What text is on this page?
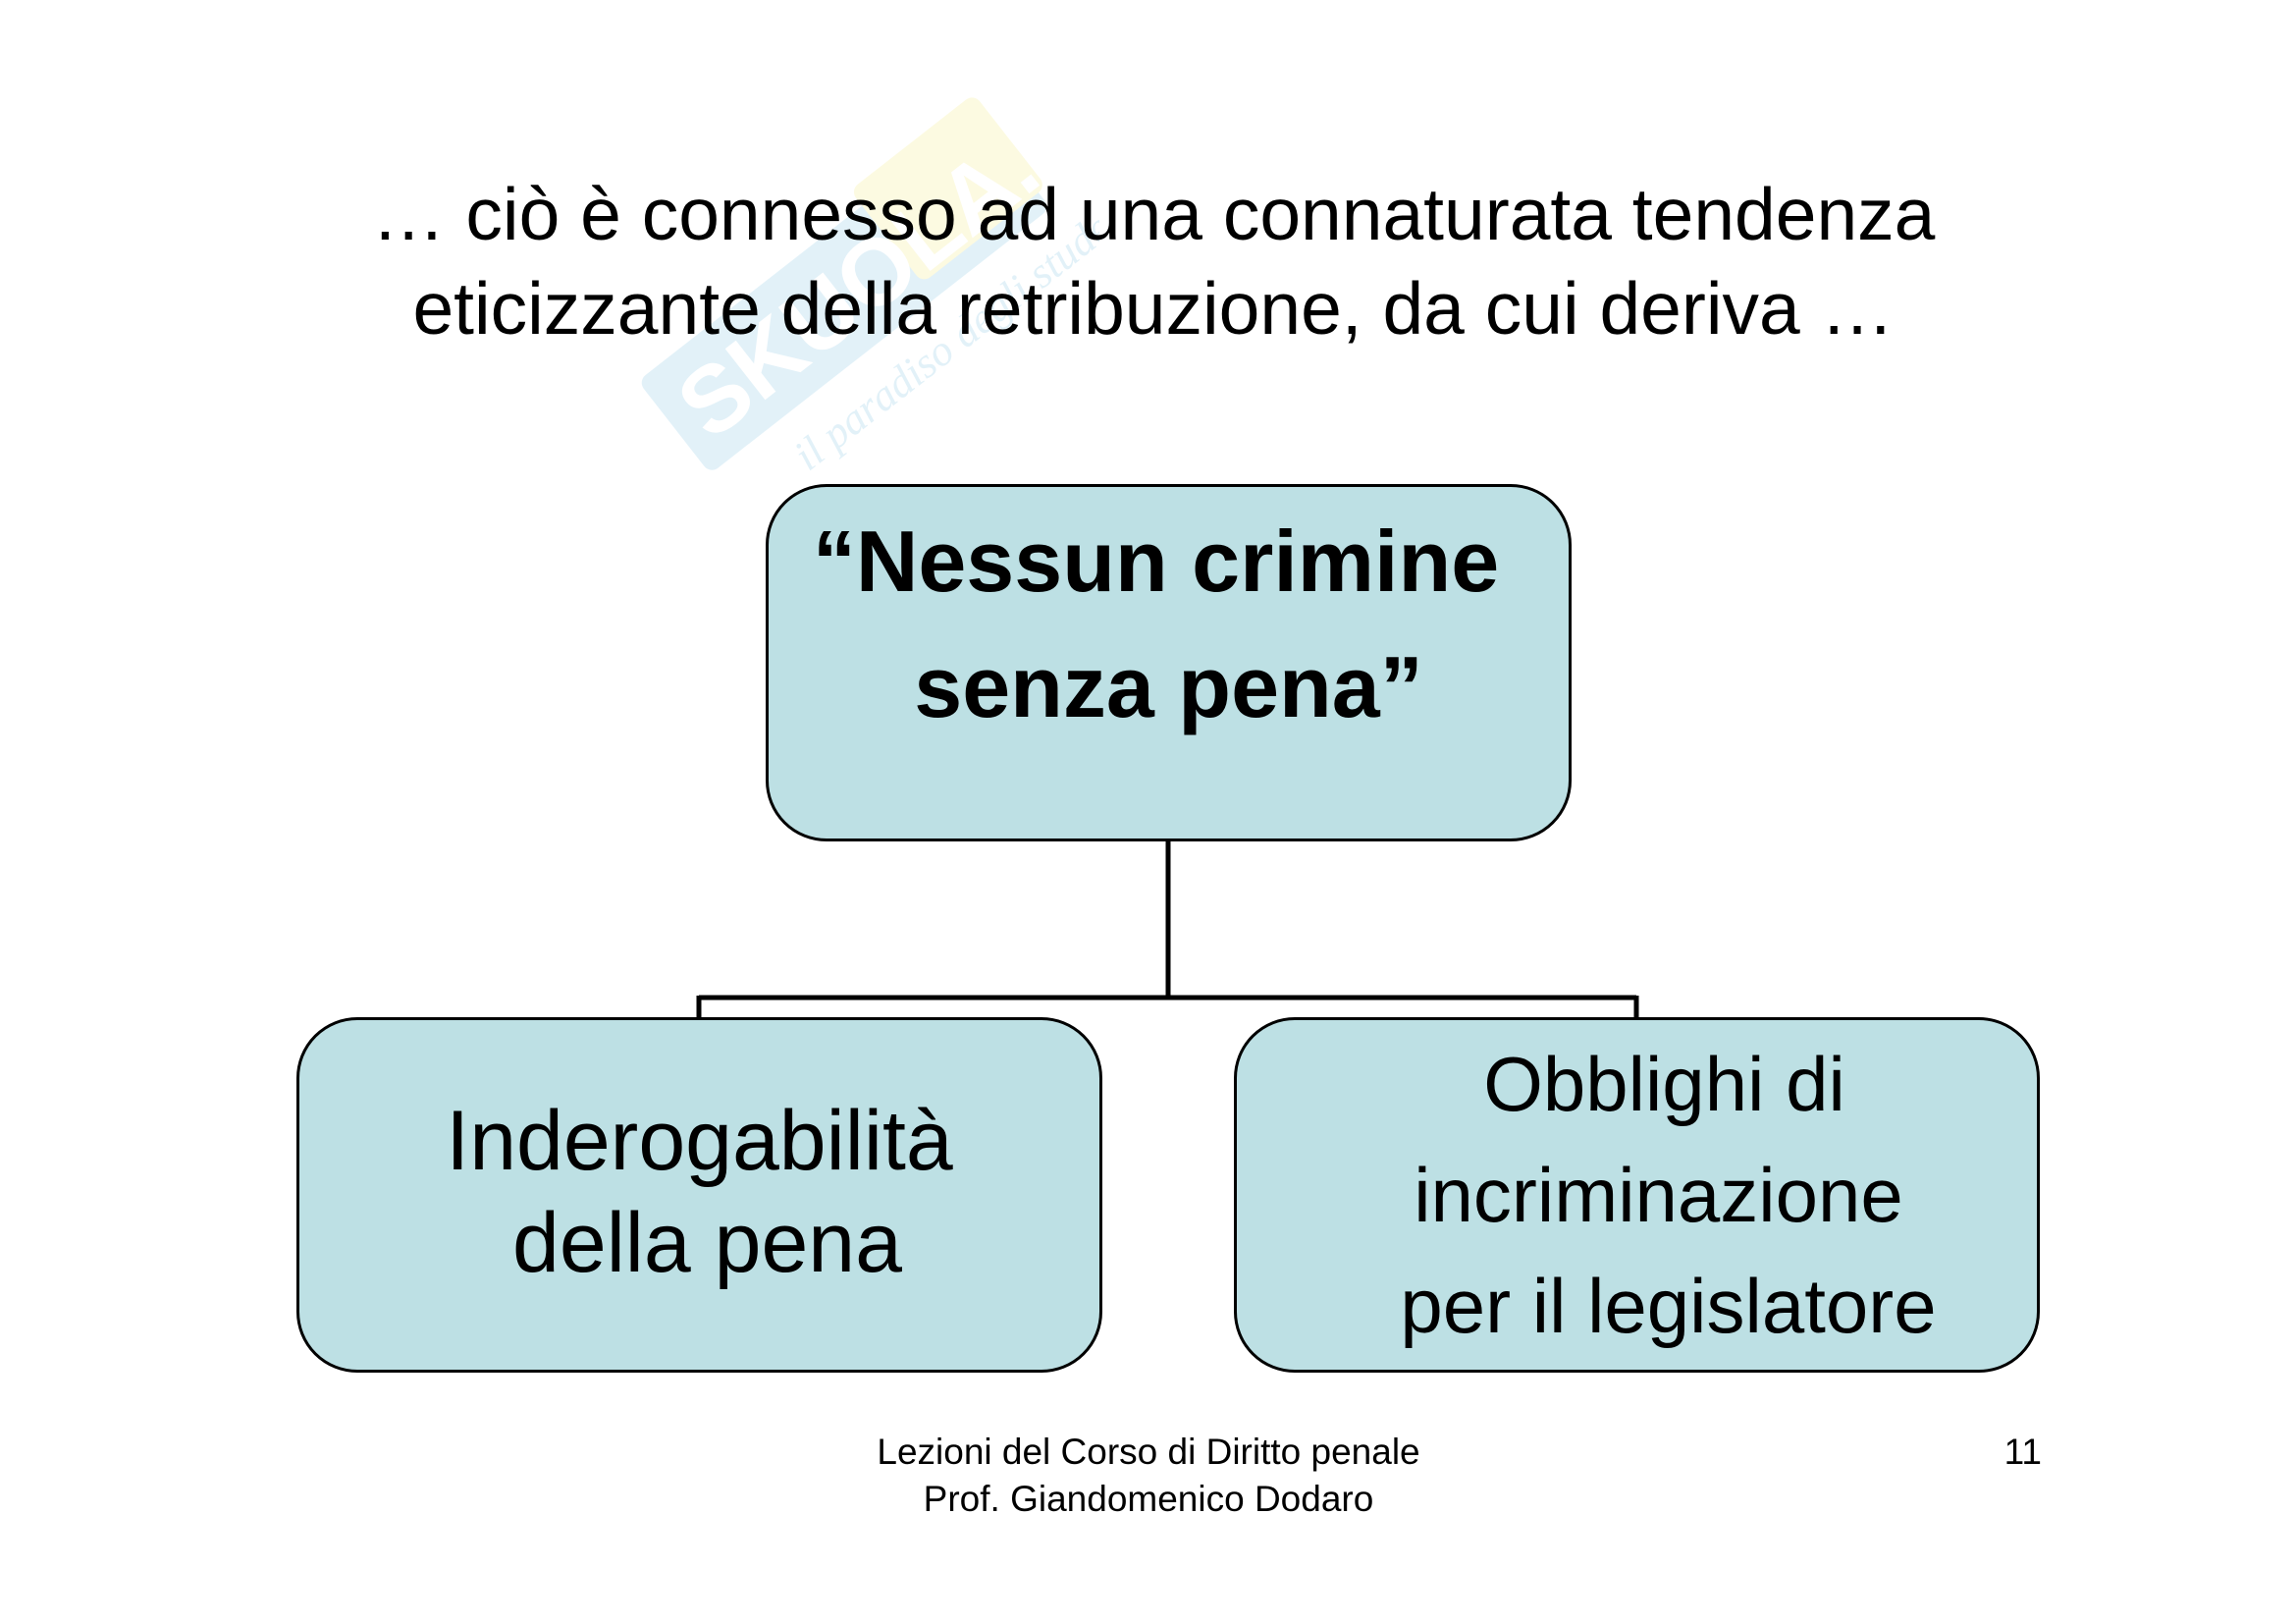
SKUOLA.net
il paradiso degli studenti
… ciò è connesso ad una connaturata tendenza
eticizzante della retribuzione, da cui deriva …
“Nessun crimine
senza pena”
Inderogabilità
della pena
Obblighi di
incriminazione
per il legislatore
Lezioni del Corso di Diritto penale
Prof. Giandomenico Dodaro
11
